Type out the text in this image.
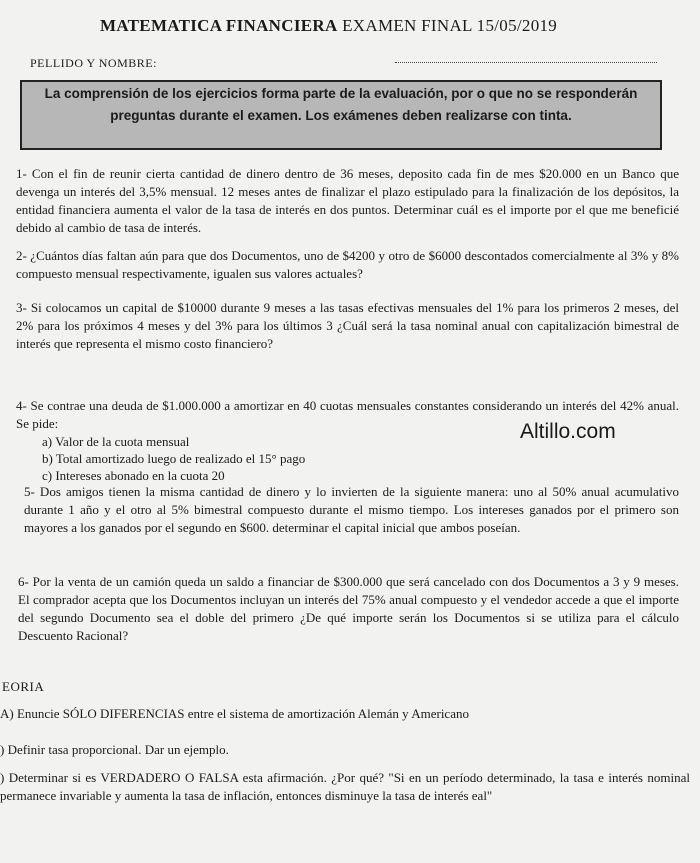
MATEMATICA FINANCIERA EXAMEN FINAL 15/05/2019
PELLIDO Y NOMBRE:
La comprensión de los ejercicios forma parte de la evaluación, por o que no se responderán preguntas durante el examen. Los exámenes deben realizarse con tinta.
1- Con el fin de reunir cierta cantidad de dinero dentro de 36 meses, deposito cada fin de mes $20.000 en un Banco que devenga un interés del 3,5% mensual. 12 meses antes de finalizar el plazo estipulado para la finalización de los depósitos, la entidad financiera aumenta el valor de la tasa de interés en dos puntos. Determinar cuál es el importe por el que me beneficié debido al cambio de tasa de interés.
2- ¿Cuántos días faltan aún para que dos Documentos, uno de $4200 y otro de $6000 descontados comercialmente al 3% y 8% compuesto mensual respectivamente, igualen sus valores actuales?
3- Si colocamos un capital de $10000 durante 9 meses a las tasas efectivas mensuales del 1% para los primeros 2 meses, del 2% para los próximos 4 meses y del 3% para los últimos 3 ¿Cuál será la tasa nominal anual con capitalización bimestral de interés que representa el mismo costo financiero?
4- Se contrae una deuda de $1.000.000 a amortizar en 40 cuotas mensuales constantes considerando un interés del 42% anual. Se pide:
a) Valor de la cuota mensual
b) Total amortizado luego de realizado el 15° pago
c) Intereses abonado en la cuota 20
Altillo.com
5- Dos amigos tienen la misma cantidad de dinero y lo invierten de la siguiente manera: uno al 50% anual acumulativo durante 1 año y el otro al 5% bimestral compuesto durante el mismo tiempo. Los intereses ganados por el primero son mayores a los ganados por el segundo en $600. determinar el capital inicial que ambos poseían.
6- Por la venta de un camión queda un saldo a financiar de $300.000 que será cancelado con dos Documentos a 3 y 9 meses. El comprador acepta que los Documentos incluyan un interés del 75% anual compuesto y el vendedor accede a que el importe del segundo Documento sea el doble del primero ¿De qué importe serán los Documentos si se utiliza para el cálculo Descuento Racional?
EORIA
A) Enuncie SÓLO DIFERENCIAS entre el sistema de amortización Alemán y Americano
) Definir tasa proporcional. Dar un ejemplo.
) Determinar si es VERDADERO O FALSA esta afirmación. ¿Por qué? "Si en un período determinado, la tasa e interés nominal permanece invariable y aumenta la tasa de inflación, entonces disminuye la tasa de interés eal"
